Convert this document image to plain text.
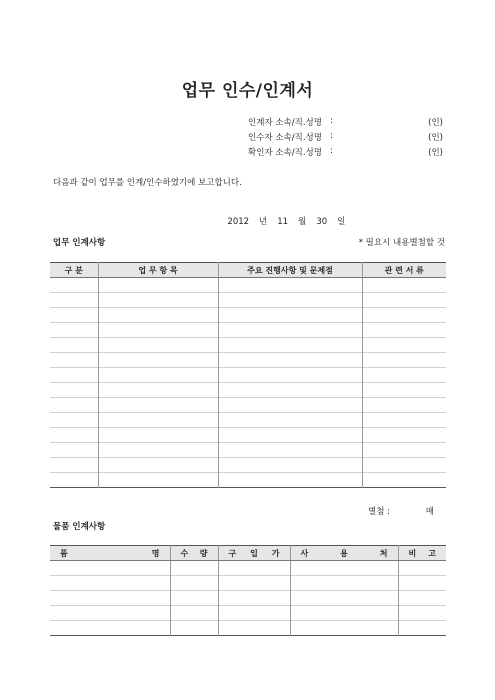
업무 인수/인계서
인계자 소속/직.성명 :	(인)
인수자 소속/직.성명 :	(인)
확인자 소속/직.성명 :	(인)
다음과 같이 업무를 인계/인수하였기에 보고합니다.

2012 년 11 월 30 일

업무 인계사항	* 필요시 내용별첨할 것
구 분	업 무 항 목	주요 진행사항 및 문제점	관 련 서 류

별첨 :	매
물품 인계사항
품 명	수 량	구 입 가	사 용 처	비 고
